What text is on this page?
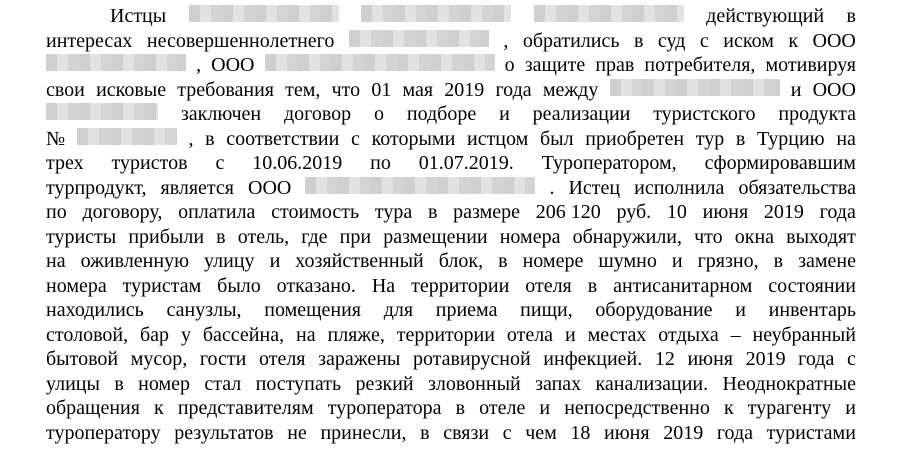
Истцы	действующий в
интересах несовершеннолетнего	, обратились в суд с иском к ООО
, ООО	о защите прав потребителя, мотивируя
свои исковые требования тем, что 01 мая 2019 года между	и ООО
заключен договор о подборе и реализации туристского продукта
№	, в соответствии с которыми истцом был приобретен тур в Турцию на
трех туристов с 10.06.2019 по 01.07.2019. Туроператором, сформировавшим
турпродукт, является ООО	. Истец исполнила обязательства
по договору, оплатила стоимость тура в размере 206 120 руб. 10 июня 2019 года
туристы прибыли в отель, где при размещении номера обнаружили, что окна выходят
на оживленную улицу и хозяйственный блок, в номере шумно и грязно, в замене
номера туристам было отказано. На территории отеля в антисанитарном состоянии
находились санузлы, помещения для приема пищи, оборудование и инвентарь
столовой, бар у бассейна, на пляже, территории отела и местах отдыха – неубранный
бытовой мусор, гости отеля заражены ротавирусной инфекцией. 12 июня 2019 года с
улицы в номер стал поступать резкий зловонный запах канализации. Неоднократные
обращения к представителям туроператора в отеле и непосредственно к турагенту и
туроператору результатов не принесли, в связи с чем 18 июня 2019 года туристами
